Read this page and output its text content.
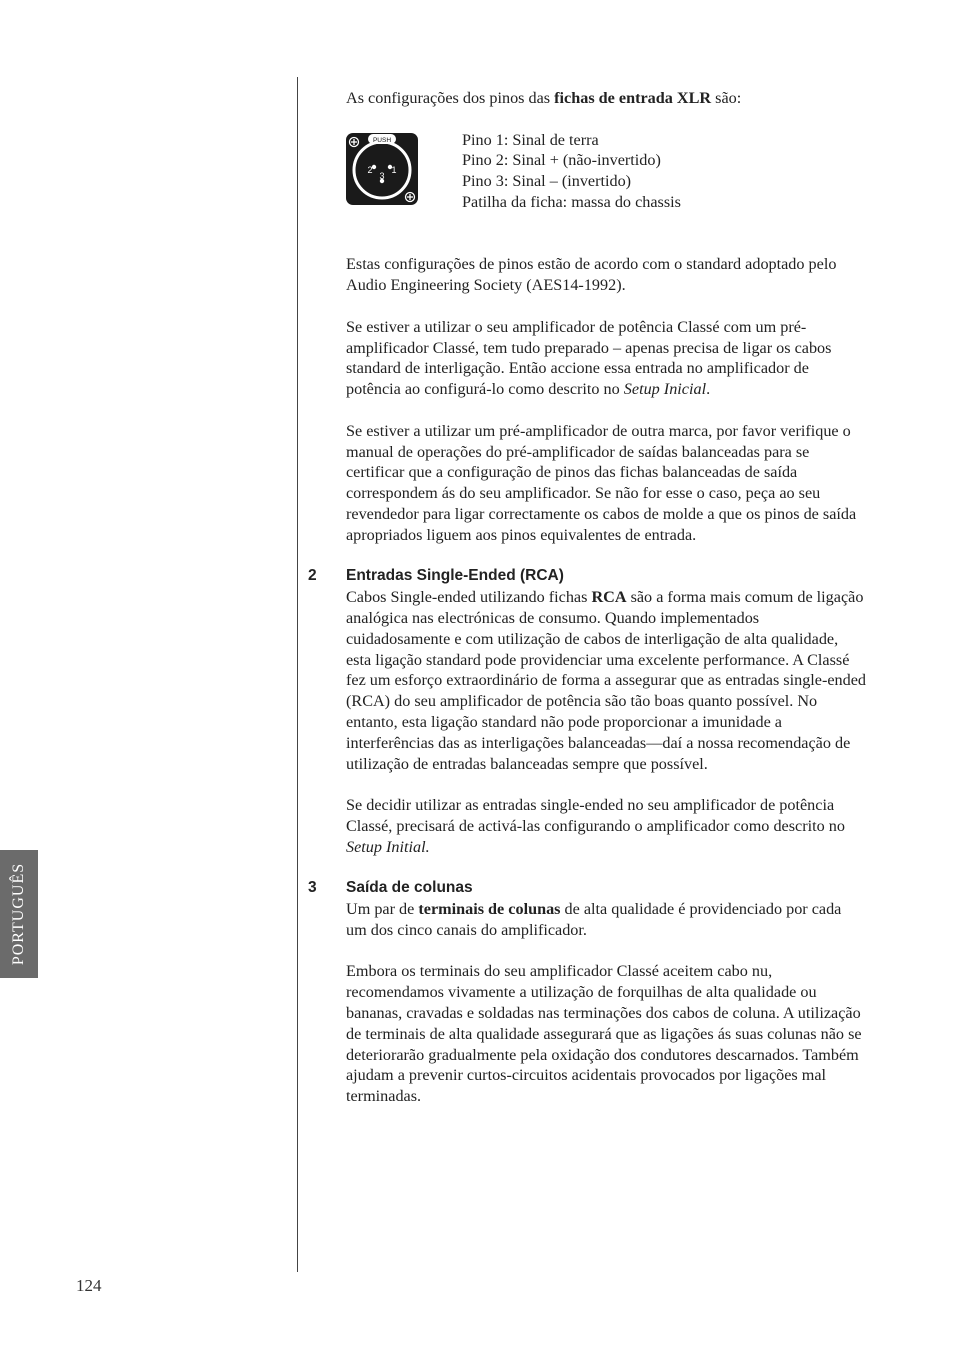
As configurações dos pinos das fichas de entrada XLR são:

PUSH
2 1
3
Pino 1: Sinal de terra
Pino 2: Sinal + (não-invertido)
Pino 3: Sinal – (invertido)
Patilha da ficha: massa do chassis

Estas configurações de pinos estão de acordo com o standard adoptado pelo Audio Engineering Society (AES14-1992).

Se estiver a utilizar o seu amplificador de potência Classé com um pré-amplificador Classé, tem tudo preparado – apenas precisa de ligar os cabos standard de interligação. Então accione essa entrada no amplificador de potência ao configurá-lo como descrito no Setup Inicial.

Se estiver a utilizar um pré-amplificador de outra marca, por favor verifique o manual de operações do pré-amplificador de saídas balanceadas para se certificar que a configuração de pinos das fichas balanceadas de saída correspondem ás do seu amplificador. Se não for esse o caso, peça ao seu revendedor para ligar correctamente os cabos de molde a que os pinos de saída apropriados liguem aos pinos equivalentes de entrada.

2 Entradas Single-Ended (RCA)

Cabos Single-ended utilizando fichas RCA são a forma mais comum de ligação analógica nas electrónicas de consumo. Quando implementados cuidadosamente e com utilização de cabos de interligação de alta qualidade, esta ligação standard pode providenciar uma excelente performance. A Classé fez um esforço extraordinário de forma a assegurar que as entradas single-ended (RCA) do seu amplificador de potência são tão boas quanto possível. No entanto, esta ligação standard não pode proporcionar a imunidade a interferências das as interligações balanceadas—daí a nossa recomendação de utilização de entradas balanceadas sempre que possível.

Se decidir utilizar as entradas single-ended no seu amplificador de potência Classé, precisará de activá-las configurando o amplificador como descrito no Setup Initial.

3 Saída de colunas

Um par de terminais de colunas de alta qualidade é providenciado por cada um dos cinco canais do amplificador.

Embora os terminais do seu amplificador Classé aceitem cabo nu, recomendamos vivamente a utilização de forquilhas de alta qualidade ou bananas, cravadas e soldadas nas terminações dos cabos de coluna. A utilização de terminais de alta qualidade assegurará que as ligações ás suas colunas não se deteriorarão gradualmente pela oxidação dos condutores descarnados. Também ajudam a prevenir curtos-circuitos acidentais provocados por ligações mal terminadas.

PORTUGUÊS
124
